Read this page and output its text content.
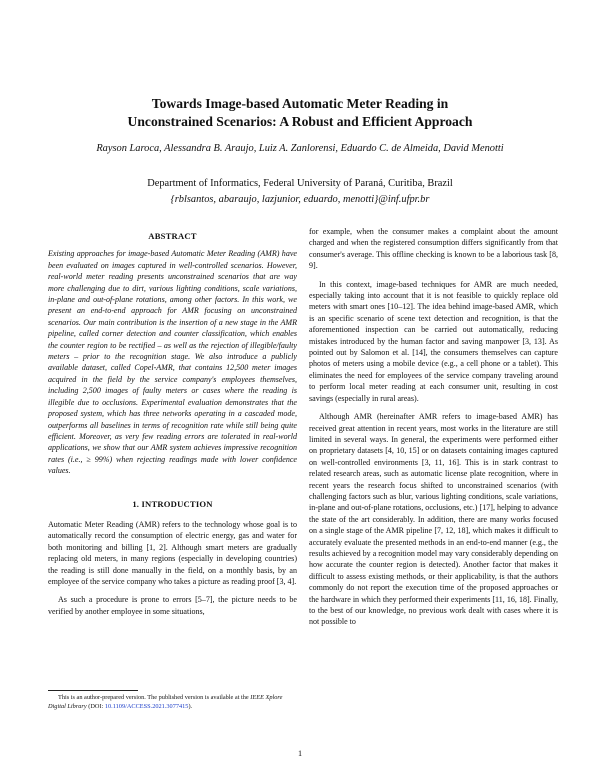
Towards Image-based Automatic Meter Reading in
Unconstrained Scenarios: A Robust and Efficient Approach
Rayson Laroca, Alessandra B. Araujo, Luiz A. Zanlorensi, Eduardo C. de Almeida, David Menotti
Department of Informatics, Federal University of Paraná, Curitiba, Brazil
{rblsantos, abaraujo, lazjunior, eduardo, menotti}@inf.ufpr.br
ABSTRACT

Existing approaches for image-based Automatic Meter Reading (AMR) have been evaluated on images captured in well-controlled scenarios. However, real-world meter reading presents unconstrained scenarios that are way more challenging due to dirt, various lighting conditions, scale variations, in-plane and out-of-plane rotations, among other factors. In this work, we present an end-to-end approach for AMR focusing on unconstrained scenarios. Our main contribution is the insertion of a new stage in the AMR pipeline, called corner detection and counter classification, which enables the counter region to be rectified – as well as the rejection of illegible/faulty meters – prior to the recognition stage. We also introduce a publicly available dataset, called Copel-AMR, that contains 12,500 meter images acquired in the field by the service company's employees themselves, including 2,500 images of faulty meters or cases where the reading is illegible due to occlusions. Experimental evaluation demonstrates that the proposed system, which has three networks operating in a cascaded mode, outperforms all baselines in terms of recognition rate while still being quite efficient. Moreover, as very few reading errors are tolerated in real-world applications, we show that our AMR system achieves impressive recognition rates (i.e., ≥ 99%) when rejecting readings made with lower confidence values.

1. INTRODUCTION

Automatic Meter Reading (AMR) refers to the technology whose goal is to automatically record the consumption of electric energy, gas and water for both monitoring and billing [1, 2]. Although smart meters are gradually replacing old meters, in many regions (especially in developing countries) the reading is still done manually in the field, on a monthly basis, by an employee of the service company who takes a picture as reading proof [3, 4].

As such a procedure is prone to errors [5–7], the picture needs to be verified by another employee in some situations,

for example, when the consumer makes a complaint about the amount charged and when the registered consumption differs significantly from that consumer's average. This offline checking is known to be a laborious task [8, 9].

In this context, image-based techniques for AMR are much needed, especially taking into account that it is not feasible to quickly replace old meters with smart ones [10–12]. The idea behind image-based AMR, which is an specific scenario of scene text detection and recognition, is that the aforementioned inspection can be carried out automatically, reducing mistakes introduced by the human factor and saving manpower [3, 13]. As pointed out by Salomon et al. [14], the consumers themselves can capture photos of meters using a mobile device (e.g., a cell phone or a tablet). This eliminates the need for employees of the service company traveling around to perform local meter reading at each consumer unit, resulting in cost savings (especially in rural areas).

Although AMR (hereinafter AMR refers to image-based AMR) has received great attention in recent years, most works in the literature are still limited in several ways. In general, the experiments were performed either on proprietary datasets [4, 10, 15] or on datasets containing images captured on well-controlled environments [3, 11, 16]. This is in stark contrast to related research areas, such as automatic license plate recognition, where in recent years the research focus shifted to unconstrained scenarios (with challenging factors such as blur, various lighting conditions, scale variations, in-plane and out-of-plane rotations, occlusions, etc.) [17], helping to advance the state of the art considerably. In addition, there are many works focused on a single stage of the AMR pipeline [7, 12, 18], which makes it difficult to accurately evaluate the presented methods in an end-to-end manner (e.g., the results achieved by a recognition model may vary considerably depending on how accurate the counter region is detected). Another factor that makes it difficult to assess existing methods, or their applicability, is that the authors commonly do not report the execution time of the proposed approaches or the hardware in which they performed their experiments [11, 16, 18]. Finally, to the best of our knowledge, no previous work dealt with cases where it is not possible to

This is an author-prepared version. The published version is available at the IEEE Xplore Digital Library (DOI: 10.1109/ACCESS.2021.3077415).
1
